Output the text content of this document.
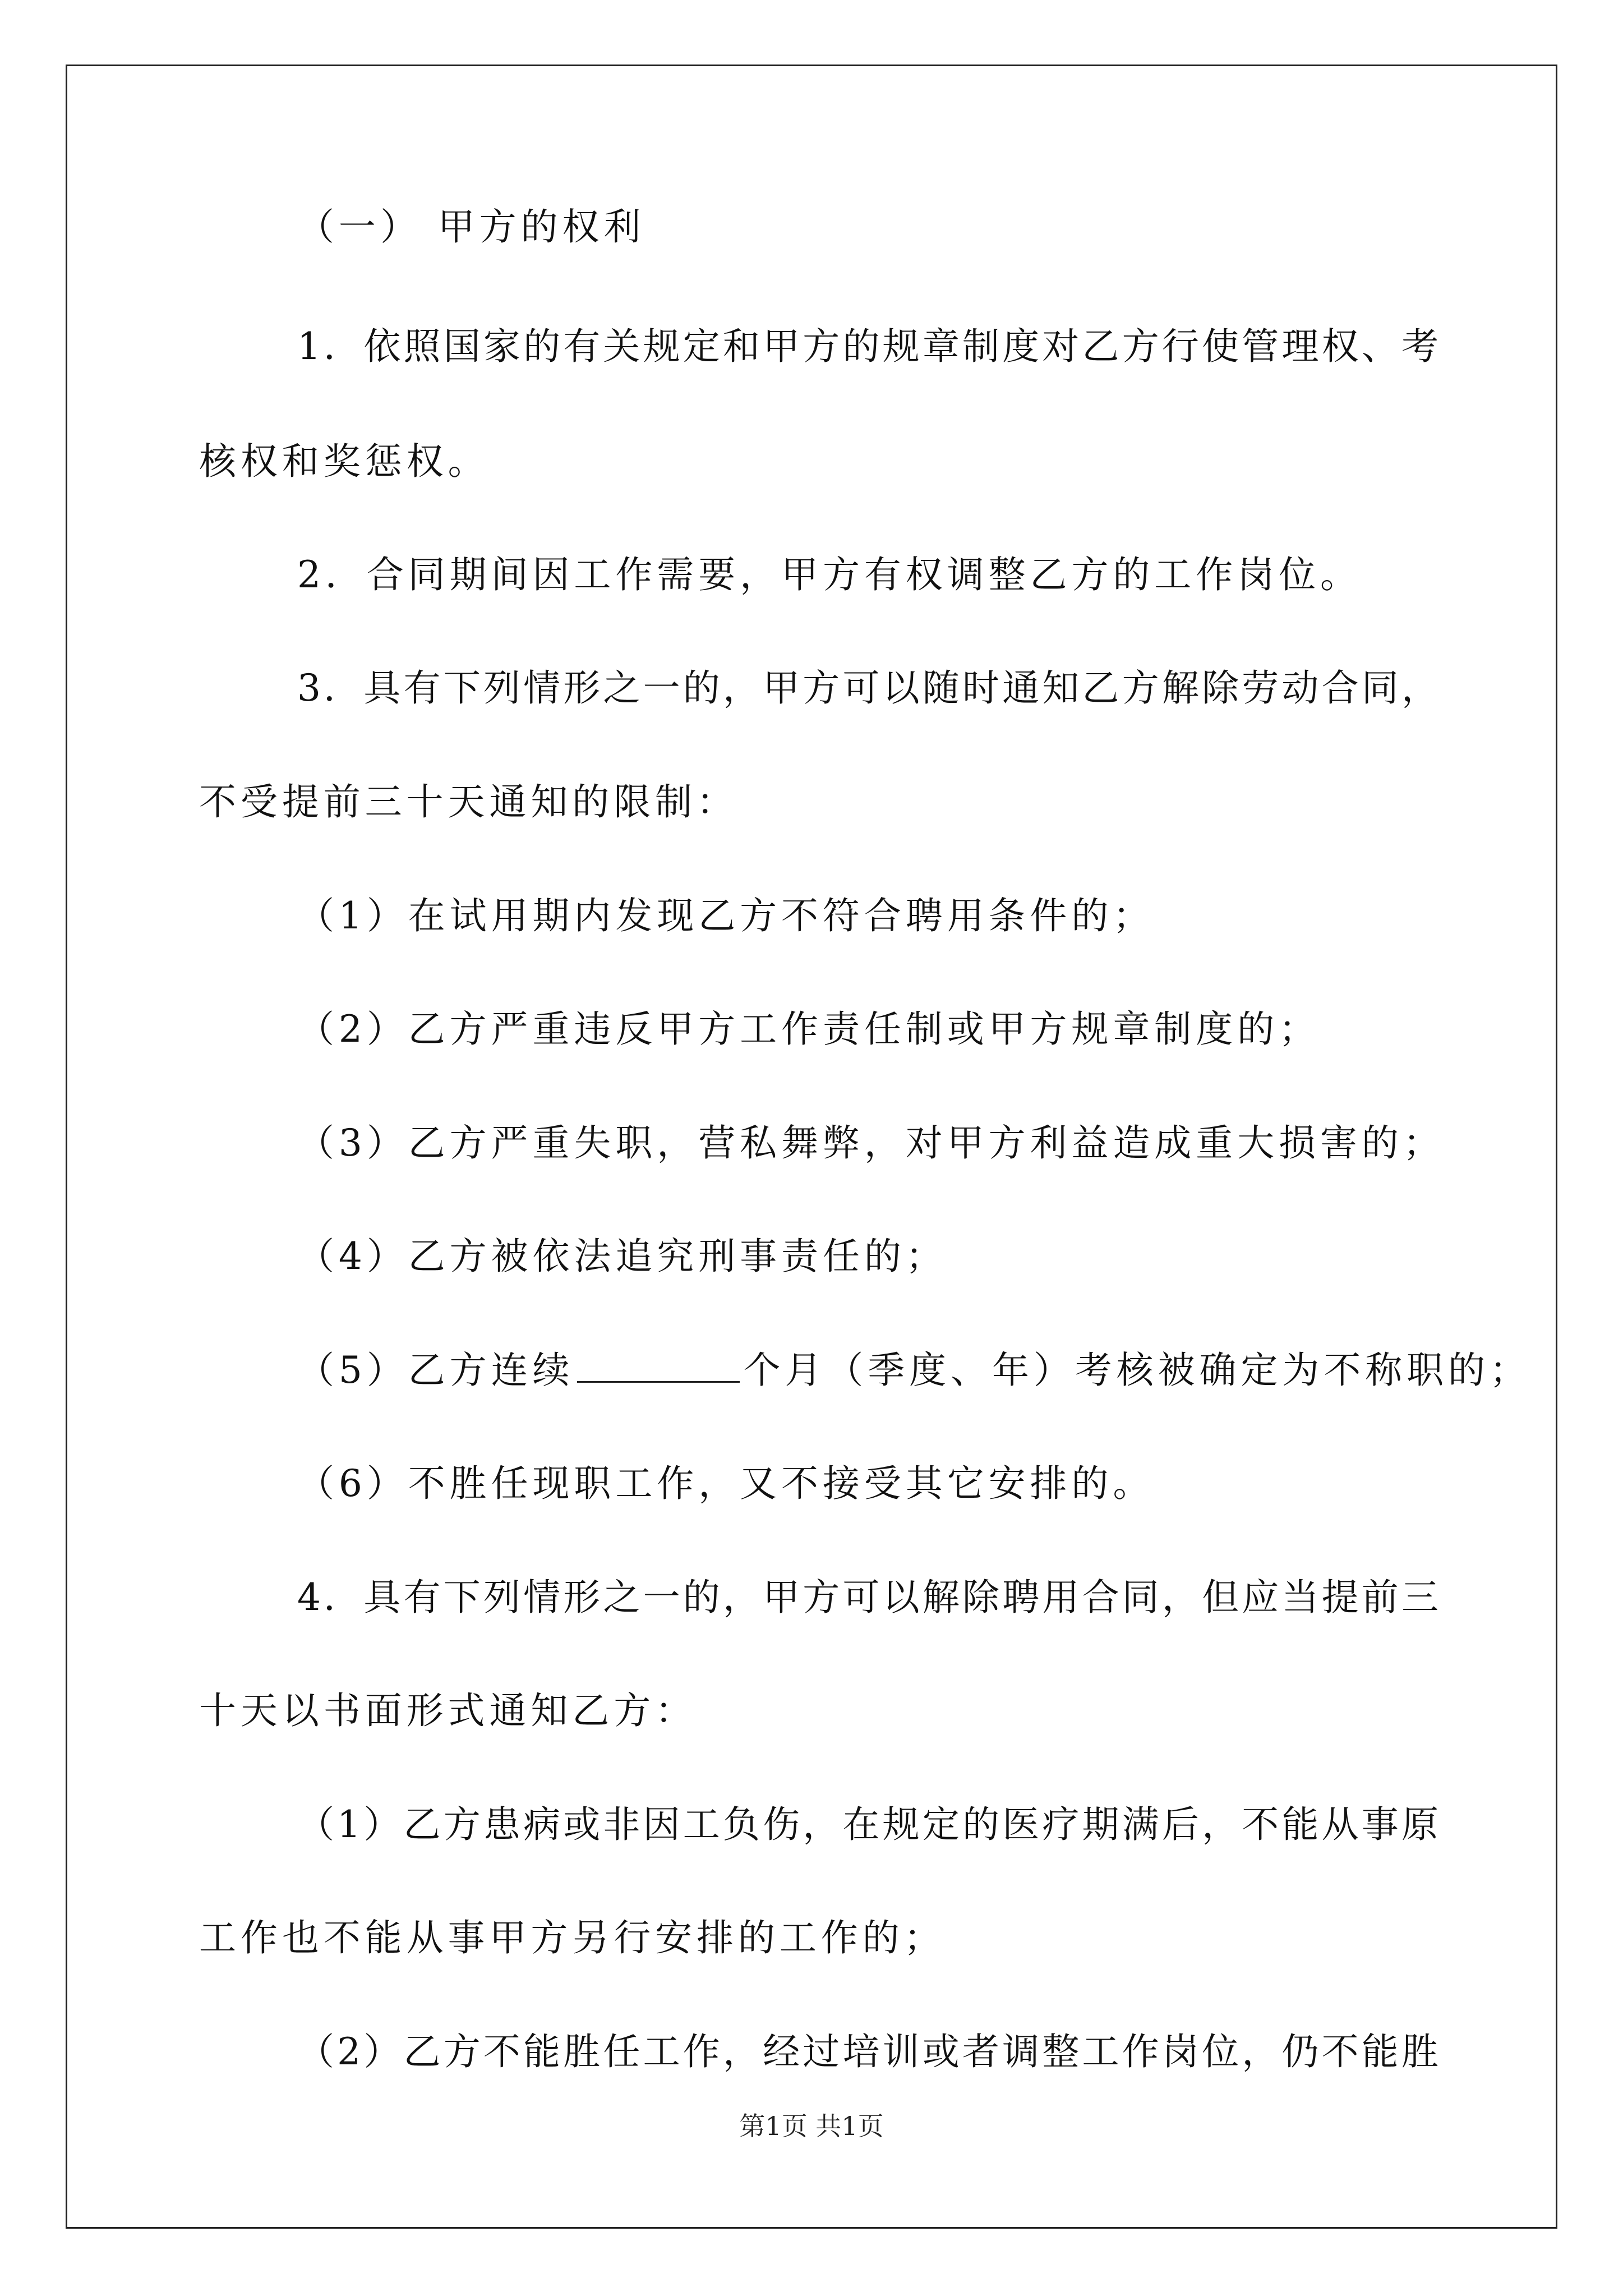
（一） 甲方的权利
1．依照国家的有关规定和甲方的规章制度对乙方行使管理权、考
核权和奖惩权。
2．合同期间因工作需要，甲方有权调整乙方的工作岗位。
3．具有下列情形之一的，甲方可以随时通知乙方解除劳动合同，
不受提前三十天通知的限制：
（1）在试用期内发现乙方不符合聘用条件的；
（2）乙方严重违反甲方工作责任制或甲方规章制度的；
（3）乙方严重失职，营私舞弊，对甲方利益造成重大损害的；
（4）乙方被依法追究刑事责任的；
（5）乙方连续	个月（季度、年）考核被确定为不称职的；
（6）不胜任现职工作，又不接受其它安排的。
4．具有下列情形之一的，甲方可以解除聘用合同，但应当提前三
十天以书面形式通知乙方：
（1）乙方患病或非因工负伤，在规定的医疗期满后，不能从事原
工作也不能从事甲方另行安排的工作的；
（2）乙方不能胜任工作，经过培训或者调整工作岗位，仍不能胜
第1页 共1页
